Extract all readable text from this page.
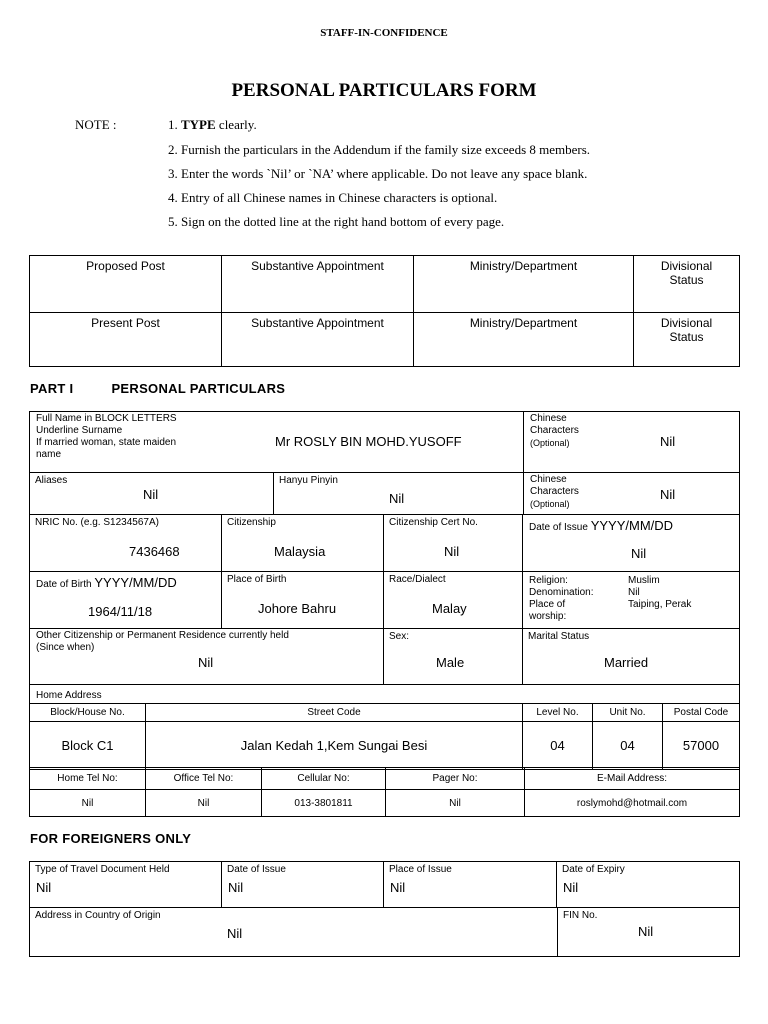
STAFF-IN-CONFIDENCE
PERSONAL PARTICULARS FORM
NOTE :	1. TYPE clearly.
2. Furnish the particulars in the Addendum if the family size exceeds 8 members.
3. Enter the words `Nil’ or `NA’ where applicable. Do not leave any space blank.
4. Entry of all Chinese names in Chinese characters is optional.
5. Sign on the dotted line at the right hand bottom of every page.
Proposed Post	Substantive Appointment	Ministry/Department	Divisional
Status
Present Post	Substantive Appointment	Ministry/Department	Divisional
Status
PART I	PERSONAL PARTICULARS
Full Name in BLOCK LETTERS
Underline Surname
If married woman, state maiden
name
Mr ROSLY BIN MOHD.YUSOFF

Chinese
Characters
(Optional)	Nil
Aliases
Nil

Hanyu Pinyin
Nil

Chinese
Characters
(Optional)
Nil
NRIC No. (e.g. S1234567A)
7436468

Citizenship
Malaysia

Citizenship Cert No.
Nil

Date of Issue YYYY/MM/DD
Nil
Date of Birth YYYY/MM/DD
1964/11/18

Place of Birth
Johore Bahru

Race/Dialect
Malay

Religion:	Muslim
Denomination:	Nil
Place of	Taiping, Perak
worship:
Other Citizenship or Permanent Residence currently held
(Since when)
Nil

Sex:
Male

Marital Status
Married
Home Address				
Block/House No.	Street Code	Level No.	Unit No.	Postal Code
Block C1	Jalan Kedah 1,Kem Sungai Besi	04	04	57000
Home Tel No:	Office Tel No:	Cellular No:	Pager No:	E-Mail Address:
Nil	Nil	013-3801811	Nil	roslymohd@hotmail.com
FOR FOREIGNERS ONLY
Type of Travel Document Held
Nil

Date of Issue
Nil

Place of Issue
Nil

Date of Expiry
Nil
Address in Country of Origin
Nil

FIN No.
Nil
